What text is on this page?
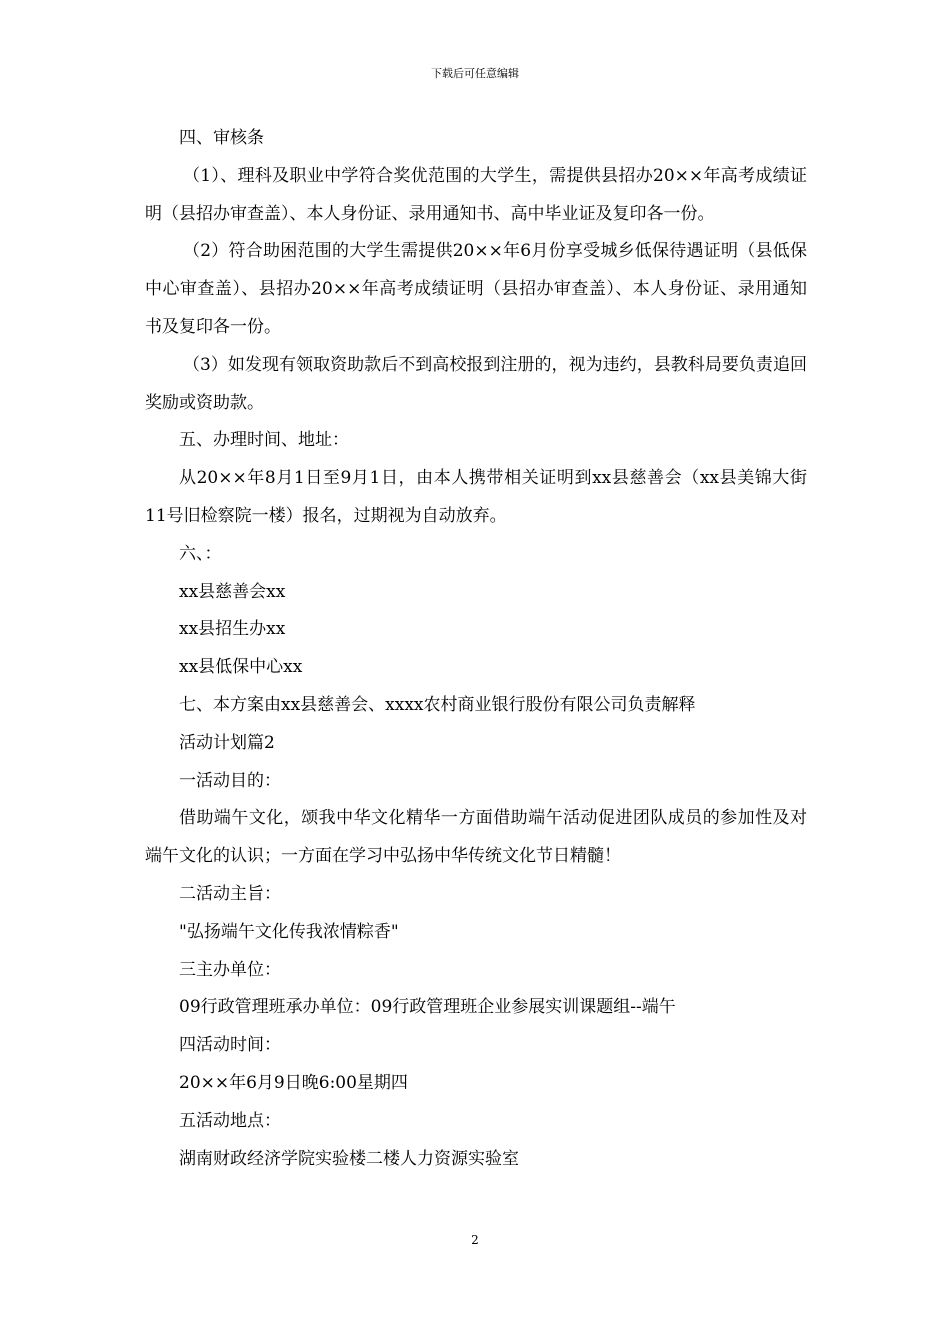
下载后可任意编辑

四、审核条

（1）、理科及职业中学符合奖优范围的大学生，需提供县招办20××年高考成绩证明（县招办审查盖）、本人身份证、录用通知书、高中毕业证及复印各一份。

（2）符合助困范围的大学生需提供20××年6月份享受城乡低保待遇证明（县低保中心审查盖）、县招办20××年高考成绩证明（县招办审查盖）、本人身份证、录用通知书及复印各一份。

（3）如发现有领取资助款后不到高校报到注册的，视为违约，县教科局要负责追回奖励或资助款。

五、办理时间、地址：

从20××年8月1日至9月1日，由本人携带相关证明到xx县慈善会（xx县美锦大街11号旧检察院一楼）报名，过期视为自动放弃。

六、：

xx县慈善会xx

xx县招生办xx

xx县低保中心xx

七、本方案由xx县慈善会、xxxx农村商业银行股份有限公司负责解释

活动计划篇2

一活动目的：

借助端午文化，颂我中华文化精华一方面借助端午活动促进团队成员的参加性及对端午文化的认识；一方面在学习中弘扬中华传统文化节日精髓！

二活动主旨：

"弘扬端午文化传我浓情粽香"

三主办单位：

09行政管理班承办单位：09行政管理班企业参展实训课题组--端午

四活动时间：

20××年6月9日晚6:00星期四

五活动地点：

湖南财政经济学院实验楼二楼人力资源实验室

2
